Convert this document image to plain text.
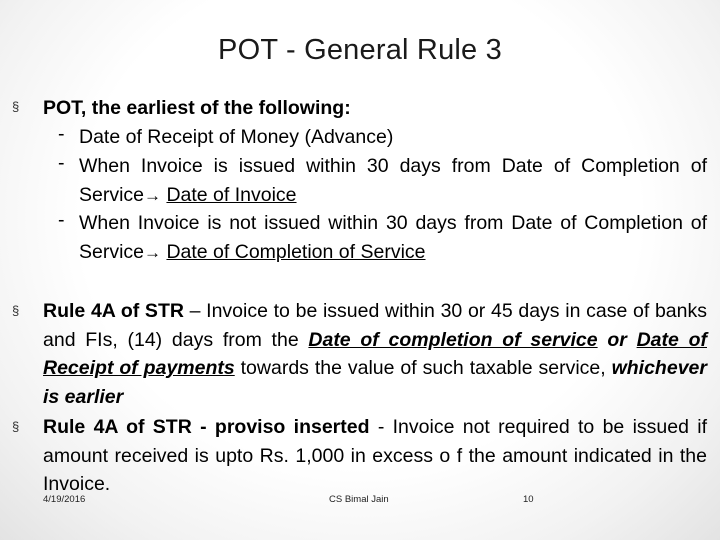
POT - General Rule 3
§ POT, the earliest of the following:
- Date of Receipt of Money (Advance)
- When Invoice is issued within 30 days from Date of Completion of Service→ Date of Invoice
- When Invoice is not issued within 30 days from Date of Completion of Service→ Date of Completion of Service
§ Rule 4A of STR – Invoice to be issued within 30 or 45 days in case of banks and FIs, (14) days from the Date of completion of service or Date of Receipt of payments towards the value of such taxable service, whichever is earlier
§ Rule 4A of STR - proviso inserted - Invoice not required to be issued if amount received is upto Rs. 1,000 in excess o f the amount indicated in the Invoice.
4/19/2016	CS Bimal Jain	10
